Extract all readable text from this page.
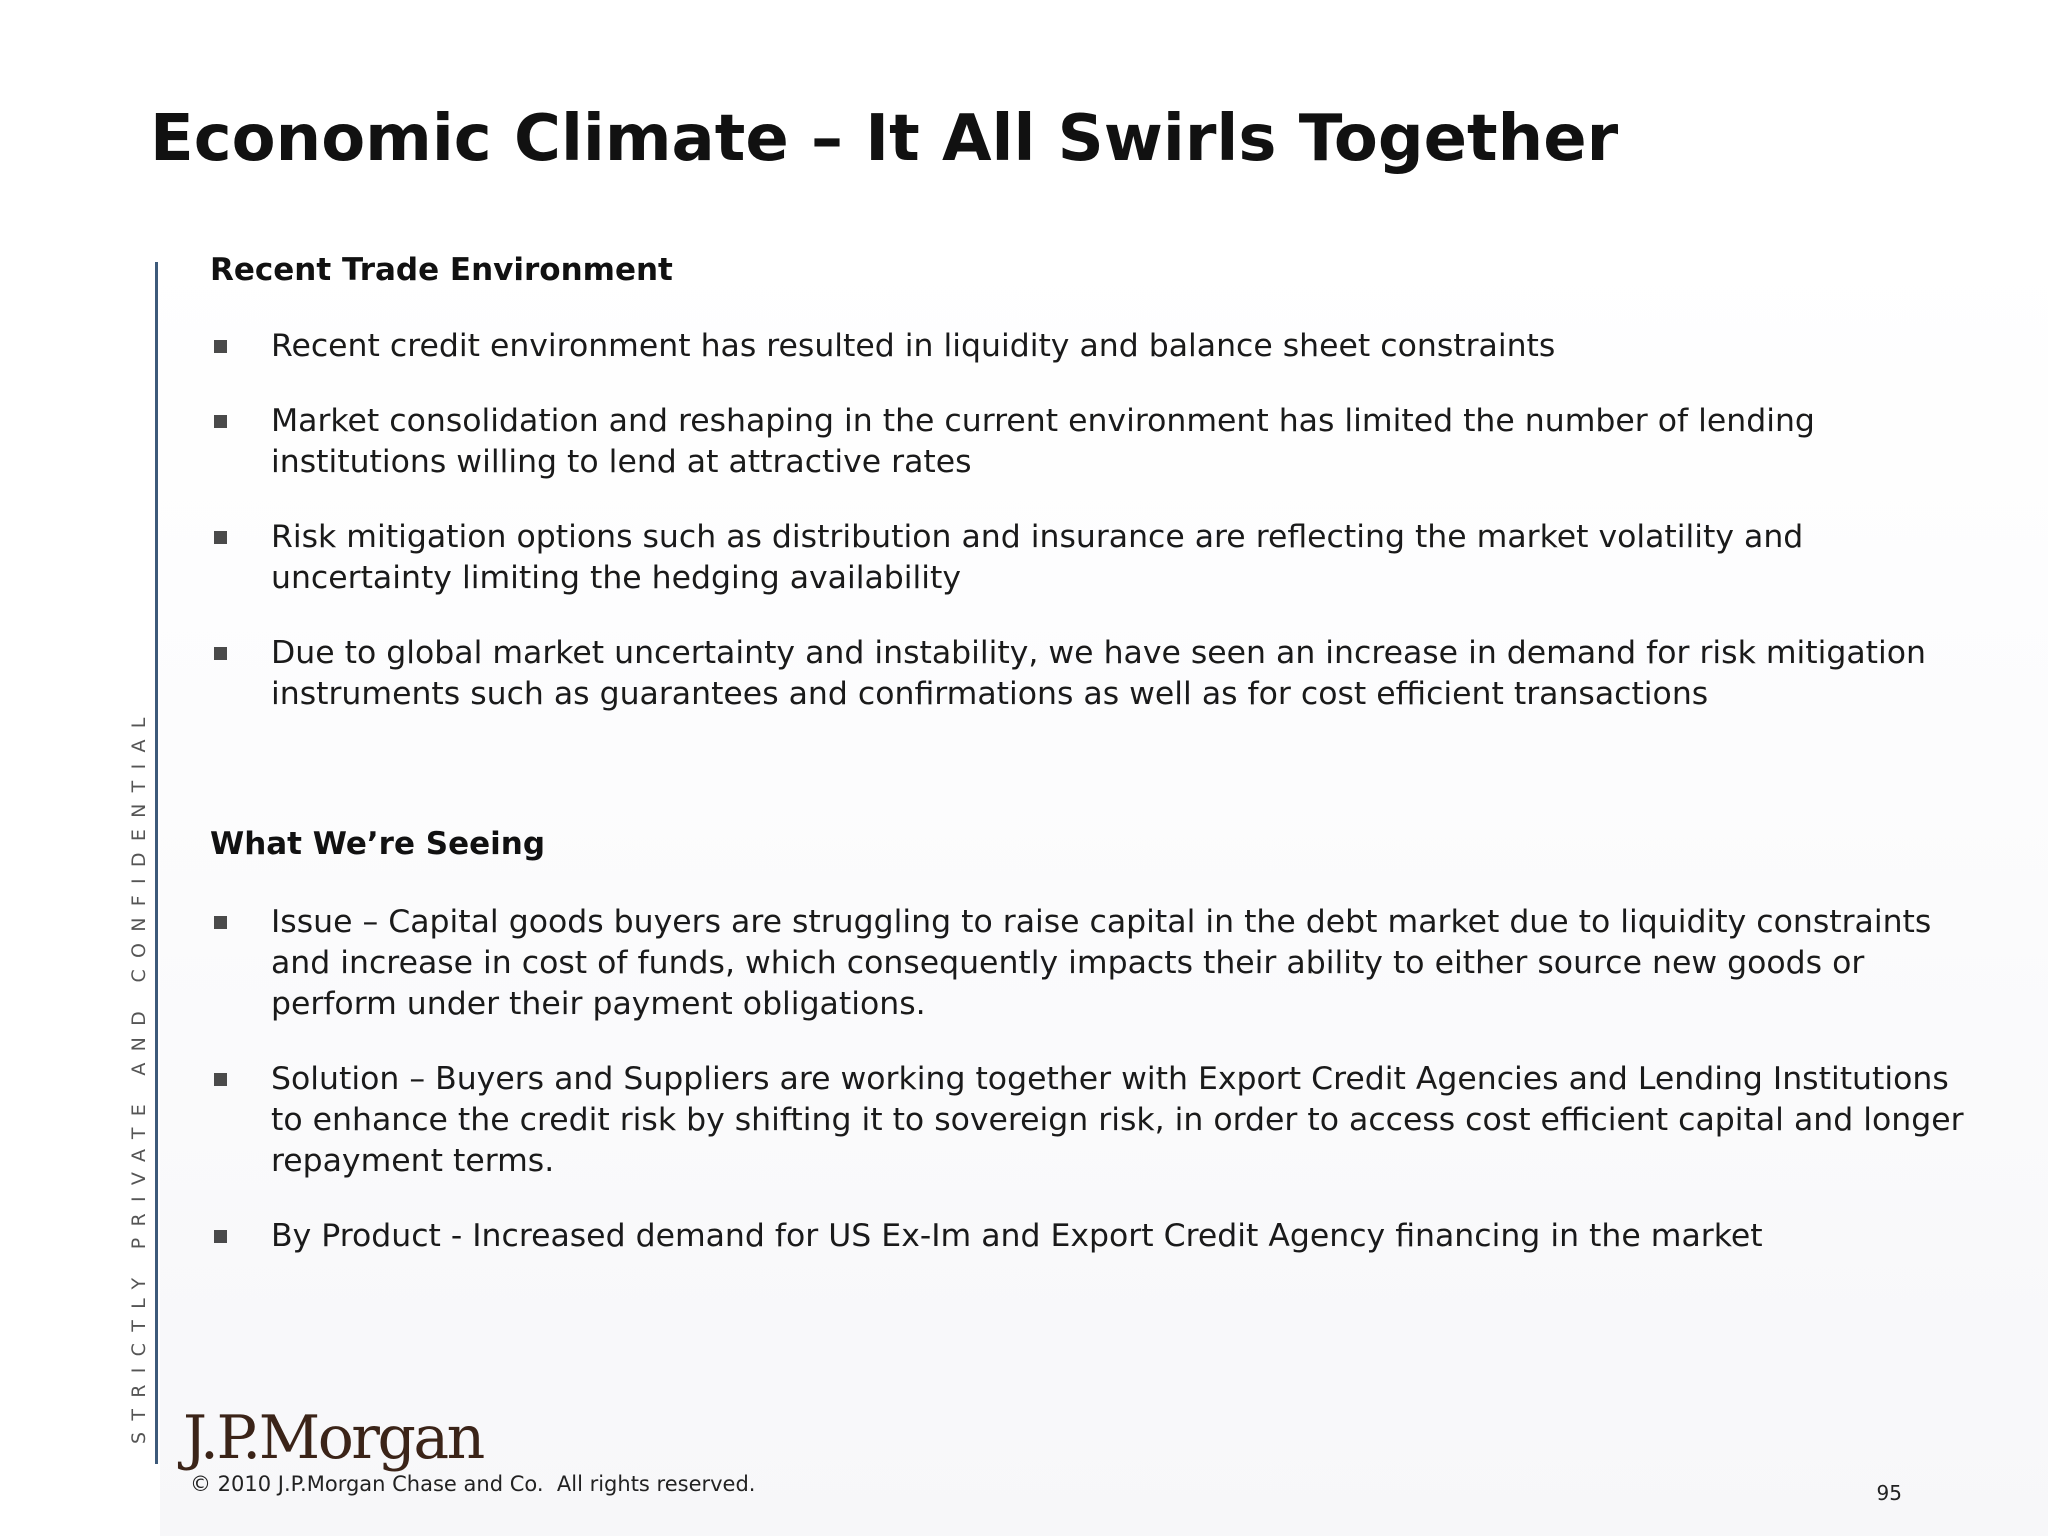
Economic Climate – It All Swirls Together
STRICTLY PRIVATE AND CONFIDENTIAL
Recent Trade Environment
Recent credit environment has resulted in liquidity and balance sheet constraints
Market consolidation and reshaping in the current environment has limited the number of lending institutions willing to lend at attractive rates
Risk mitigation options such as distribution and insurance are reflecting the market volatility and uncertainty limiting the hedging availability
Due to global market uncertainty and instability, we have seen an increase in demand for risk mitigation instruments such as guarantees and confirmations as well as for cost efficient transactions
What We’re Seeing
Issue – Capital goods buyers are struggling to raise capital in the debt market due to liquidity constraints and increase in cost of funds, which consequently impacts their ability to either source new goods or perform under their payment obligations.
Solution – Buyers and Suppliers are working together with Export Credit Agencies and Lending Institutions to enhance the credit risk by shifting it to sovereign risk, in order to access cost efficient capital and longer repayment terms.
By Product - Increased demand for US Ex-Im and Export Credit Agency financing in the market
J.P.Morgan
© 2010 J.P.Morgan Chase and Co.  All rights reserved.	95
